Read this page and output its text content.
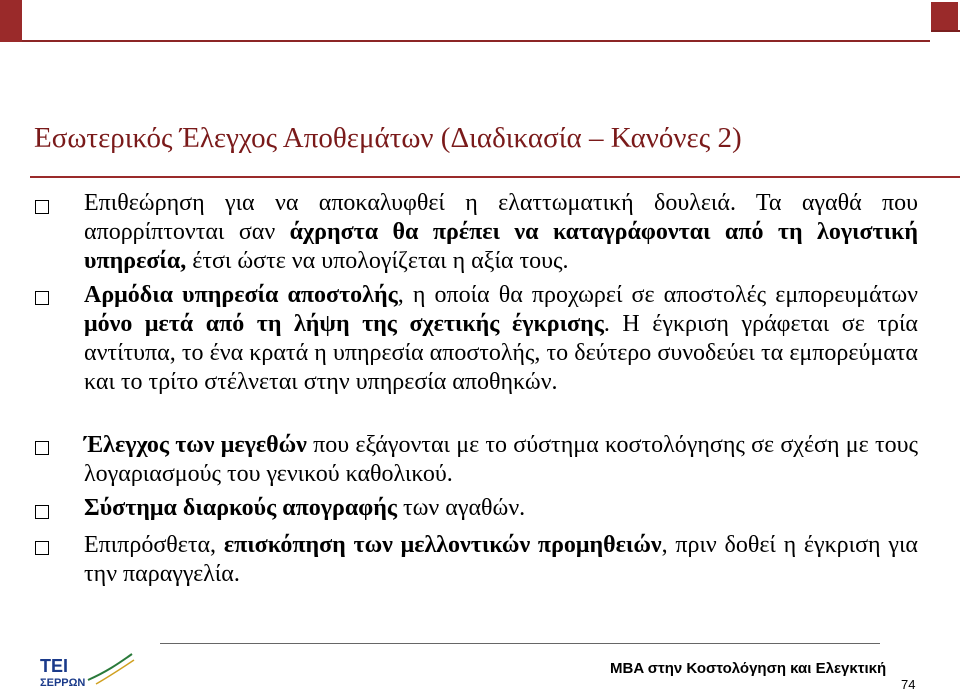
Εσωτερικός Έλεγχος Αποθεμάτων (Διαδικασία – Κανόνες 2)
Επιθεώρηση για να αποκαλυφθεί η ελαττωματική δουλειά. Τα αγαθά που απορρίπτονται σαν άχρηστα θα πρέπει να καταγράφονται από τη λογιστική υπηρεσία, έτσι ώστε να υπολογίζεται η αξία τους.
Αρμόδια υπηρεσία αποστολής, η οποία θα προχωρεί σε αποστολές εμπορευμάτων μόνο μετά από τη λήψη της σχετικής έγκρισης. Η έγκριση γράφεται σε τρία αντίτυπα, το ένα κρατά η υπηρεσία αποστολής, το δεύτερο συνοδεύει τα εμπορεύματα και το τρίτο στέλνεται στην υπηρεσία αποθηκών.
Έλεγχος των μεγεθών που εξάγονται με το σύστημα κοστολόγησης σε σχέση με τους λογαριασμούς του γενικού καθολικού.
Σύστημα διαρκούς απογραφής των αγαθών.
Επιπρόσθετα, επισκόπηση των μελλοντικών προμηθειών, πριν δοθεί η έγκριση για την παραγγελία.
TEI
ΣΕΡΡΩΝ
MBA στην Κοστολόγηση και Ελεγκτική
74
